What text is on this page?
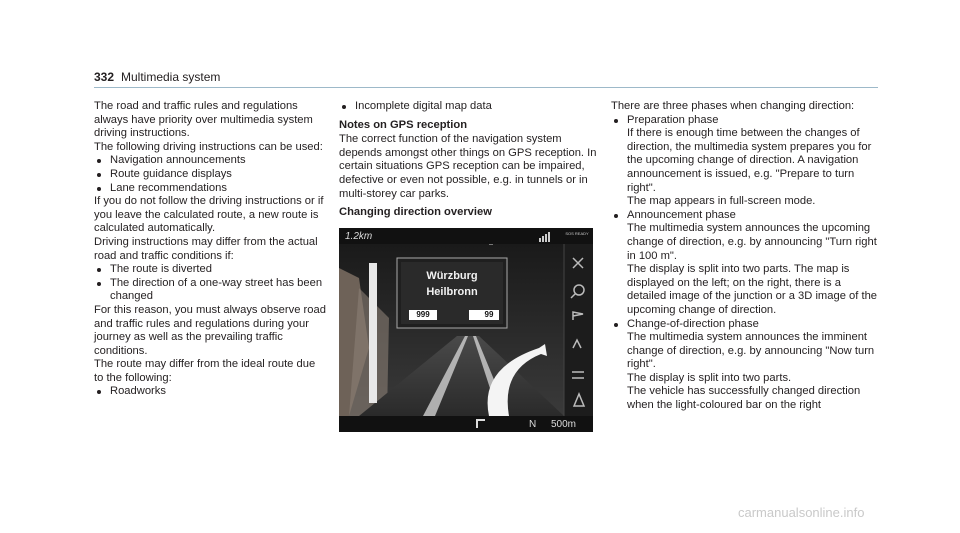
332 Multimedia system

The road and traffic rules and regulations always have priority over multimedia system driving instructions.

The following driving instructions can be used:

Navigation announcements

Route guidance displays

Lane recommendations

If you do not follow the driving instructions or if you leave the calculated route, a new route is calculated automatically.

Driving instructions may differ from the actual road and traffic conditions if:

The route is diverted

The direction of a one-way street has been changed

For this reason, you must always observe road and traffic rules and regulations during your journey as well as the prevailing traffic conditions.

The route may differ from the ideal route due to the following:

Roadworks

Incomplete digital map data

Notes on GPS reception

The correct function of the navigation system depends amongst other things on GPS reception. In certain situations GPS reception can be impaired, defective or even not possible, e.g. in tunnels or in multi-storey car parks.

Changing direction overview

1.2km	SOS READY
Würzburg
Heilbronn
999	99
N 500m

There are three phases when changing direction:

Preparation phase

If there is enough time between the changes of direction, the multimedia system prepares you for the upcoming change of direction. A navigation announcement is issued, e.g. "Prepare to turn right".

The map appears in full-screen mode.

Announcement phase

The multimedia system announces the upcoming change of direction, e.g. by announcing "Turn right in 100 m".

The display is split into two parts. The map is displayed on the left; on the right, there is a detailed image of the junction or a 3D image of the upcoming change of direction.

Change-of-direction phase

The multimedia system announces the imminent change of direction, e.g. by announcing "Now turn right".

The display is split into two parts.

The vehicle has successfully changed direction when the light-coloured bar on the right

carmanualsonline.info
